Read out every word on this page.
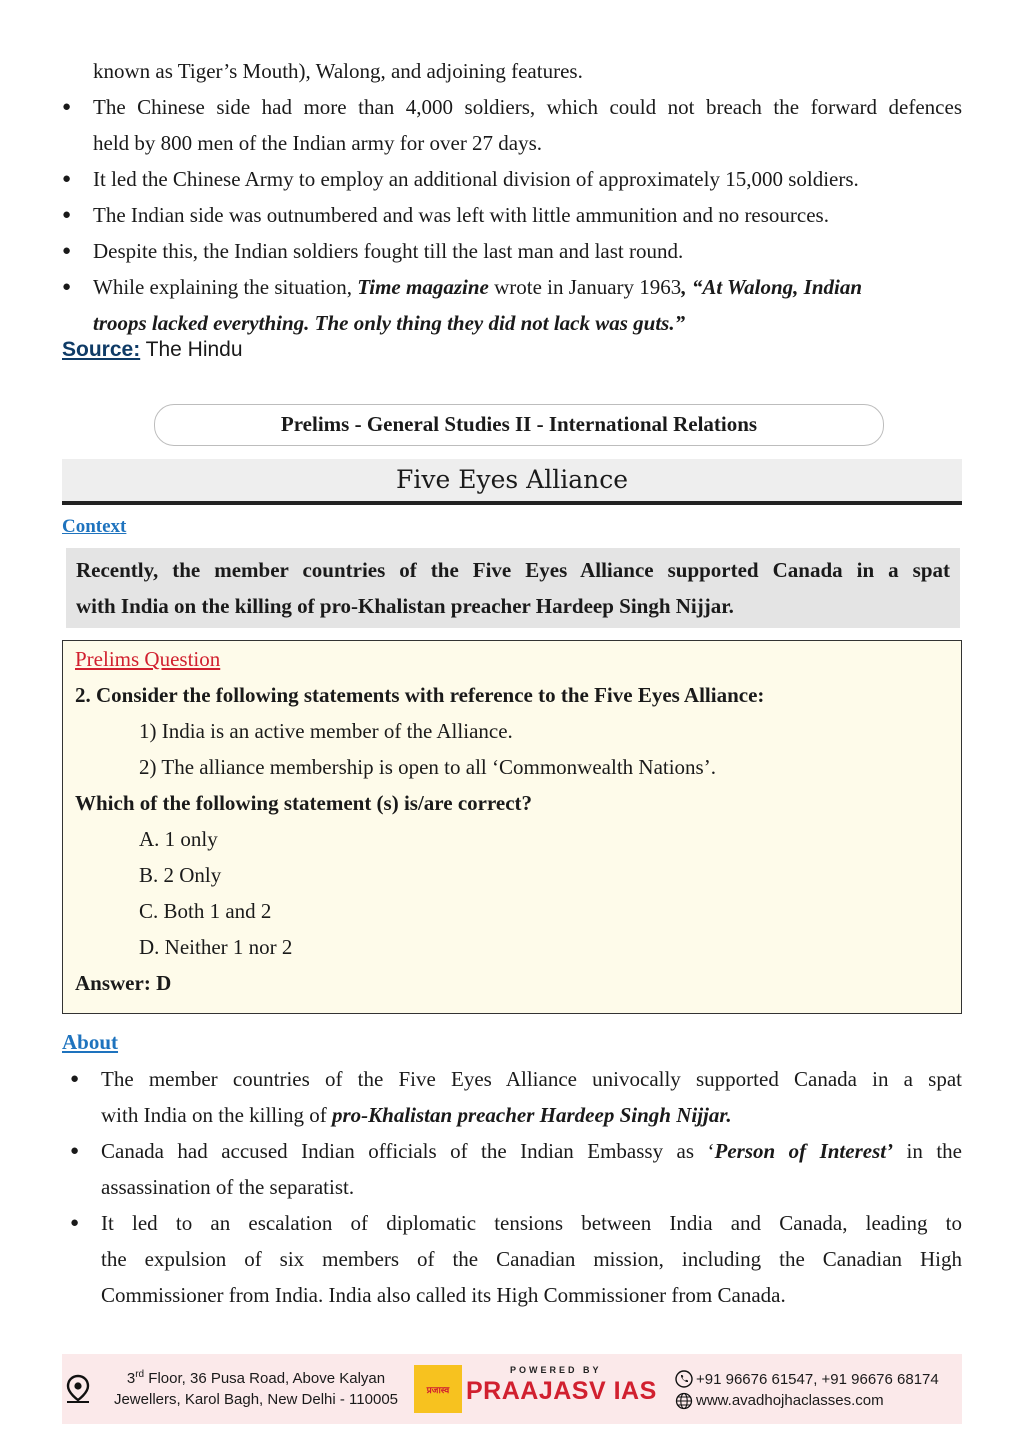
known as Tiger’s Mouth), Walong, and adjoining features.
● The Chinese side had more than 4,000 soldiers, which could not breach the forward defences
held by 800 men of the Indian army for over 27 days.
● It led the Chinese Army to employ an additional division of approximately 15,000 soldiers.
● The Indian side was outnumbered and was left with little ammunition and no resources.
● Despite this, the Indian soldiers fought till the last man and last round.
● While explaining the situation, Time magazine wrote in January 1963, “At Walong, Indian
troops lacked everything. The only thing they did not lack was guts.”
Source: The Hindu
Prelims - General Studies II - International Relations
Five Eyes Alliance
Context
Recently, the member countries of the Five Eyes Alliance supported Canada in a spat
with India on the killing of pro-Khalistan preacher Hardeep Singh Nijjar.
Prelims Question
2. Consider the following statements with reference to the Five Eyes Alliance:
1) India is an active member of the Alliance.
2) The alliance membership is open to all ‘Commonwealth Nations’.
Which of the following statement (s) is/are correct?
A. 1 only
B. 2 Only
C. Both 1 and 2
D. Neither 1 nor 2
Answer: D
About
● The member countries of the Five Eyes Alliance univocally supported Canada in a spat
with India on the killing of pro-Khalistan preacher Hardeep Singh Nijjar.
● Canada had accused Indian officials of the Indian Embassy as ‘Person of Interest’ in the
assassination of the separatist.
● It led to an escalation of diplomatic tensions between India and Canada, leading to
the expulsion of six members of the Canadian mission, including the Canadian High
Commissioner from India. India also called its High Commissioner from Canada.
3rd Floor, 36 Pusa Road, Above Kalyan
Jewellers, Karol Bagh, New Delhi - 110005
प्रजास्व
POWERED BY
PRAAJASV IAS	+91 96676 61547, +91 96676 68174
www.avadhojhaclasses.com
